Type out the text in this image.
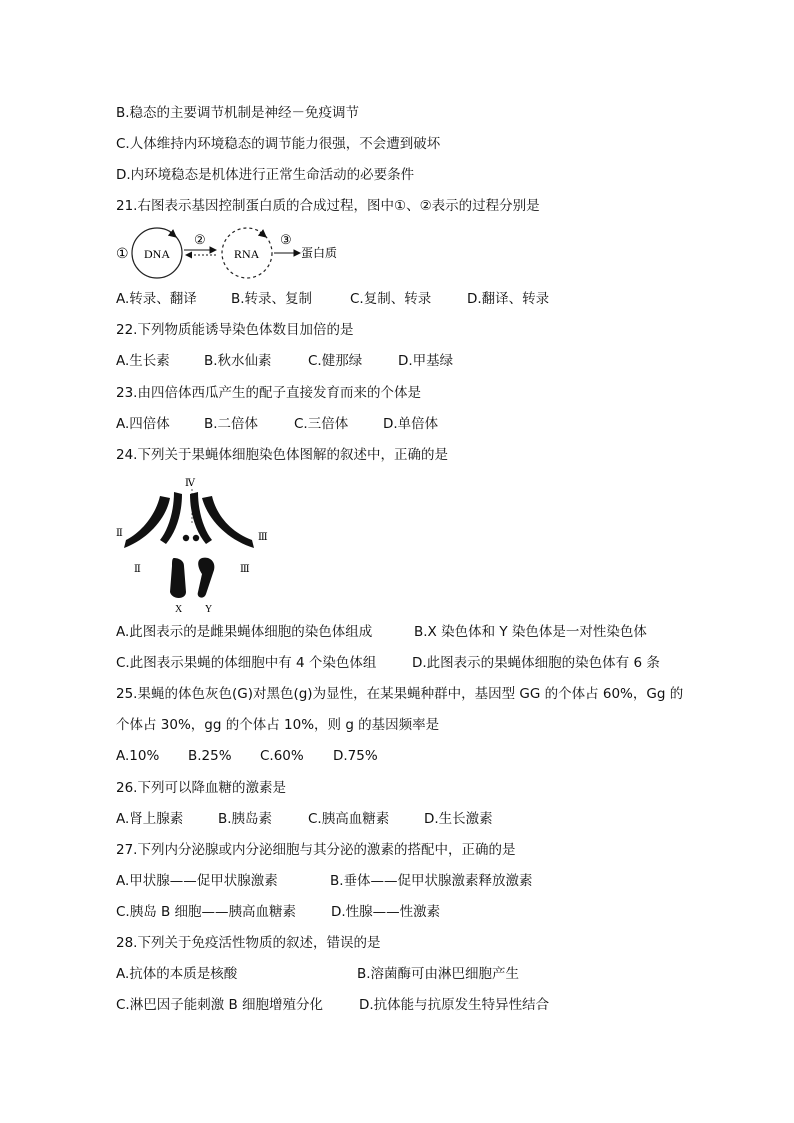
B.稳态的主要调节机制是神经－免疫调节
C.人体维持内环境稳态的调节能力很强，不会遭到破坏
D.内环境稳态是机体进行正常生命活动的必要条件
21.右图表示基因控制蛋白质的合成过程，图中①、②表示的过程分别是
① DNA
②
RNA
③
蛋白质
A.转录、翻译	B.转录、复制	C.复制、转录	D.翻译、转录
22.下列物质能诱导染色体数目加倍的是
A.生长素	B.秋水仙素	C.健那绿	D.甲基绿
23.由四倍体西瓜产生的配子直接发育而来的个体是
A.四倍体	B.二倍体	C.三倍体	D.单倍体
24.下列关于果蝇体细胞染色体图解的叙述中，正确的是
Ⅳ
Ⅱ
Ⅱ
Ⅲ
Ⅲ
X Y
A.此图表示的是雌果蝇体细胞的染色体组成	B.X 染色体和 Y 染色体是一对性染色体
C.此图表示果蝇的体细胞中有 4 个染色体组	D.此图表示的果蝇体细胞的染色体有 6 条
25.果蝇的体色灰色(G)对黑色(g)为显性，在某果蝇种群中，基因型 GG 的个体占 60%，Gg 的
个体占 30%，gg 的个体占 10%，则 g 的基因频率是
A.10% B.25% C.60% D.75%
26.下列可以降血糖的激素是
A.肾上腺素	B.胰岛素	C.胰高血糖素	D.生长激素
27.下列内分泌腺或内分泌细胞与其分泌的激素的搭配中，正确的是
A.甲状腺——促甲状腺激素	B.垂体——促甲状腺激素释放激素
C.胰岛 B 细胞——胰高血糖素	D.性腺——性激素
28.下列关于免疫活性物质的叙述，错误的是
A.抗体的本质是核酸	B.溶菌酶可由淋巴细胞产生
C.淋巴因子能刺激 B 细胞增殖分化	D.抗体能与抗原发生特异性结合
